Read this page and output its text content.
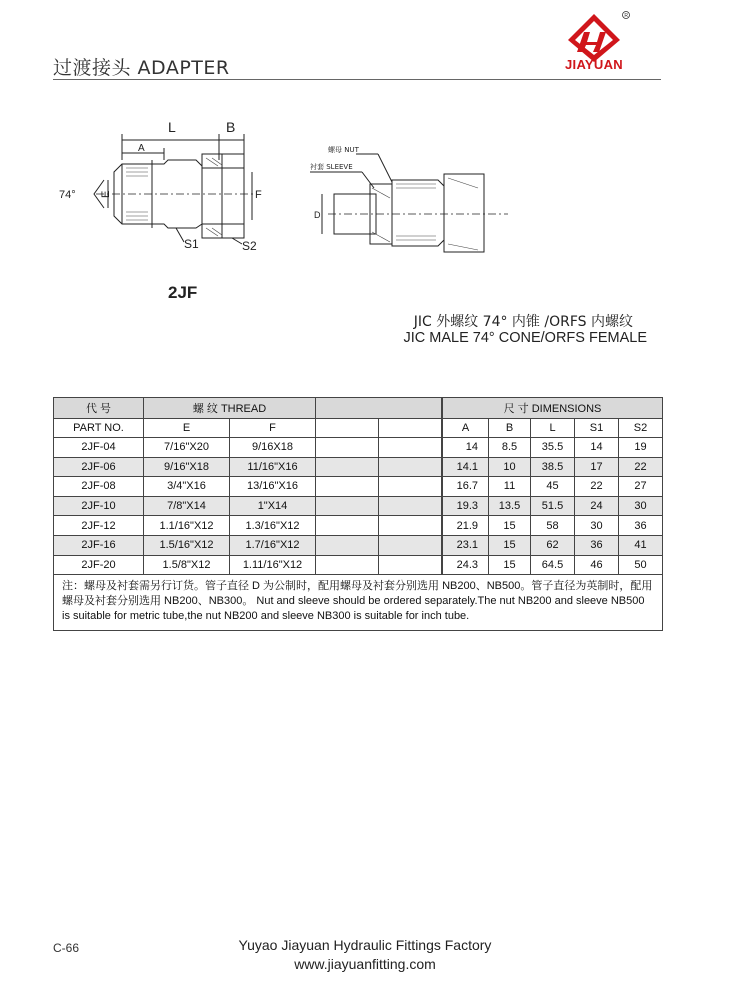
过渡接头 ADAPTER
R
JIAYUAN
L	B
A
74° E	F
S1	S2
螺母 NUT
衬套 SLEEVE
D
2JF
JIC 外螺纹 74° 内锥 /ORFS 内螺纹
JIC MALE 74° CONE/ORFS FEMALE
代 号	螺 纹 THREAD				尺 寸 DIMENSIONS				
PART NO.	E	F				A	B	L	S1	S2
2JF-04	7/16"X20	9/16X18				14	8.5	35.5	14	19
2JF-06	9/16"X18	11/16"X16				14.1	10	38.5	17	22
2JF-08	3/4"X16	13/16"X16				16.7	11	45	22	27
2JF-10	7/8"X14	1"X14				19.3	13.5	51.5	24	30
2JF-12	1.1/16"X12	1.3/16"X12				21.9	15	58	30	36
2JF-16	1.5/16"X12	1.7/16"X12				23.1	15	62	36	41
2JF-20	1.5/8"X12	1.11/16"X12				24.3	15	64.5	46	50
注：螺母及衬套需另行订货。管子直径 D 为公制时，配用螺母及衬套分别选用 NB200、NB500。管子直径为英制时，配用螺母及衬套分别选用 NB200、NB300。 Nut and sleeve should be ordered separately.The nut NB200 and sleeve NB500 is suitable for metric tube,the nut NB200 and sleeve NB300 is suitable for inch tube.									
C-66	Yuyao Jiayuan Hydraulic Fittings Factory
www.jiayuanfitting.com
